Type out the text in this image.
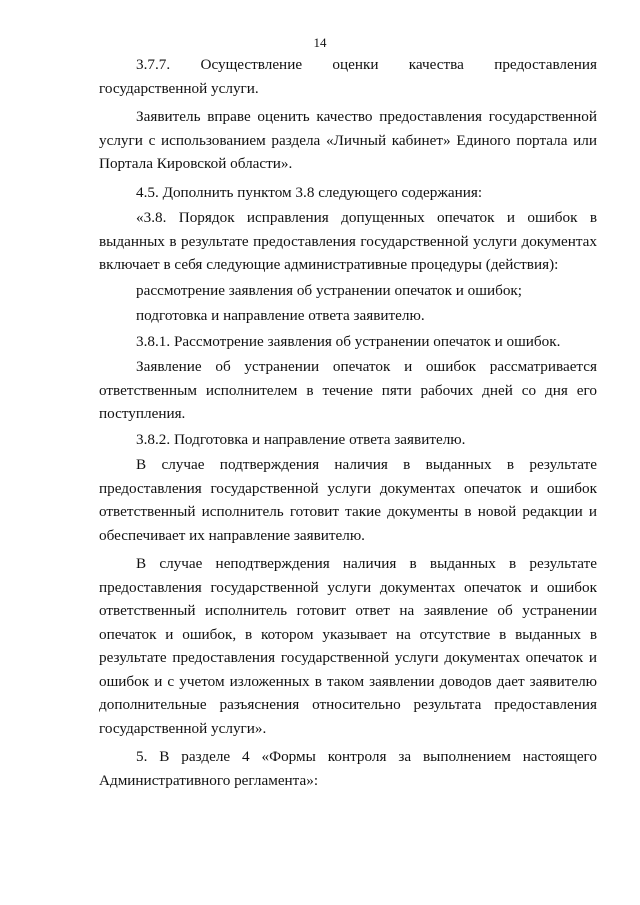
14

3.7.7. Осуществление оценки качества предоставления государственной услуги.

Заявитель вправе оценить качество предоставления государственной услуги с использованием раздела «Личный кабинет» Единого портала или Портала Кировской области».

4.5. Дополнить пунктом 3.8 следующего содержания:

«3.8. Порядок исправления допущенных опечаток и ошибок в выданных в результате предоставления государственной услуги документах включает в себя следующие административные процедуры (действия):

рассмотрение заявления об устранении опечаток и ошибок;

подготовка и направление ответа заявителю.

3.8.1. Рассмотрение заявления об устранении опечаток и ошибок.

Заявление об устранении опечаток и ошибок рассматривается ответственным исполнителем в течение пяти рабочих дней со дня его поступления.

3.8.2. Подготовка и направление ответа заявителю.

В случае подтверждения наличия в выданных в результате предоставления государственной услуги документах опечаток и ошибок ответственный исполнитель готовит такие документы в новой редакции и обеспечивает их направление заявителю.

В случае неподтверждения наличия в выданных в результате предоставления государственной услуги документах опечаток и ошибок ответственный исполнитель готовит ответ на заявление об устранении опечаток и ошибок, в котором указывает на отсутствие в выданных в результате предоставления государственной услуги документах опечаток и ошибок и с учетом изложенных в таком заявлении доводов дает заявителю дополнительные разъяснения относительно результата предоставления государственной услуги».

5. В разделе 4 «Формы контроля за выполнением настоящего Административного регламента»:
